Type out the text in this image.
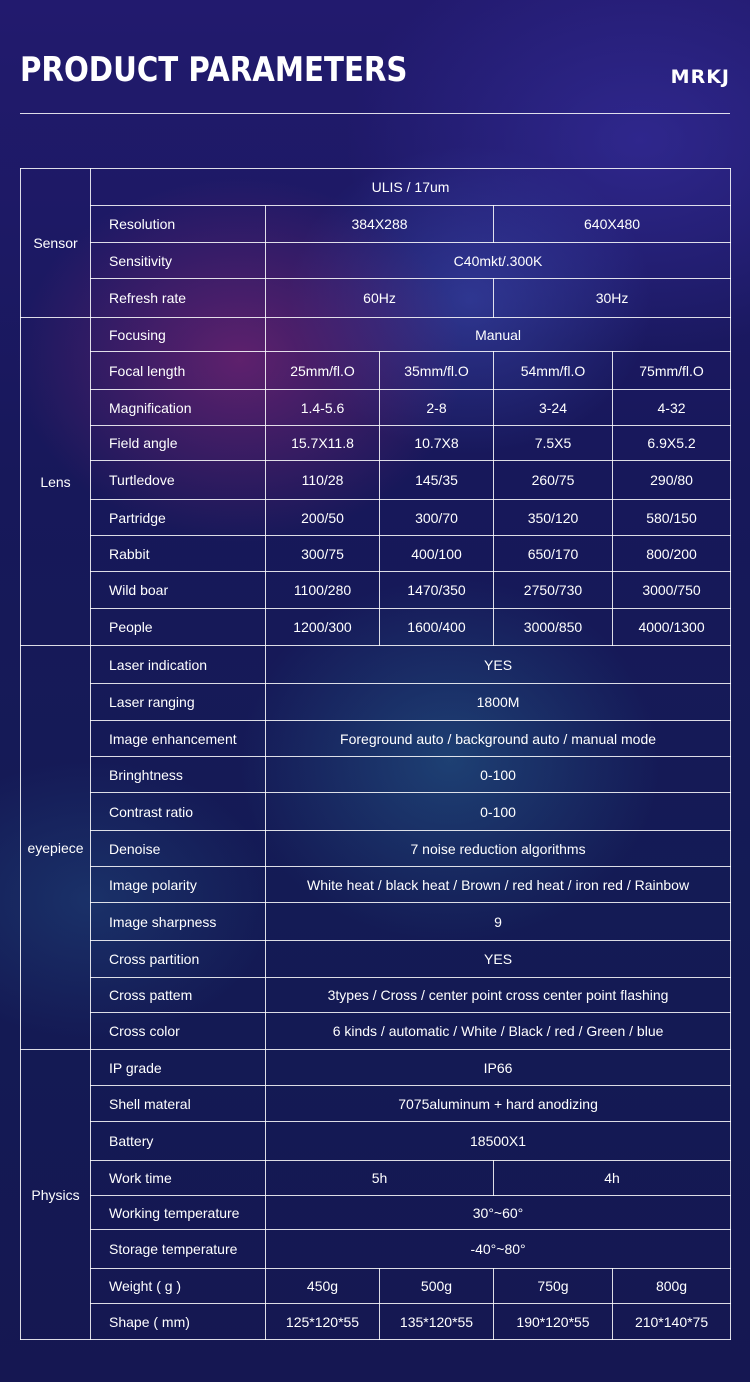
PRODUCT PARAMETERS	MRKJ
Sensor	ULIS / 17um				
	Resolution	384X288		640X480	
	Sensitivity	C40mkt/.300K			
	Refresh rate	60Hz		30Hz	
Lens	Focusing	Manual			
	Focal length	25mm/fl.O	35mm/fl.O	54mm/fl.O	75mm/fl.O
	Magnification	1.4-5.6	2-8	3-24	4-32
	Field angle	15.7X11.8	10.7X8	7.5X5	6.9X5.2
	Turtledove	110/28	145/35	260/75	290/80
	Partridge	200/50	300/70	350/120	580/150
	Rabbit	300/75	400/100	650/170	800/200
	Wild boar	1100/280	1470/350	2750/730	3000/750
	People	1200/300	1600/400	3000/850	4000/1300
eyepiece	Laser indication	YES			
	Laser ranging	1800M			
	Image enhancement	Foreground auto / background auto / manual mode			
	Bringhtness	0-100			
	Contrast ratio	0-100			
	Denoise	7 noise reduction algorithms			
	Image polarity	White heat / black heat / Brown / red heat / iron red / Rainbow			
	Image sharpness	9			
	Cross partition	YES			
	Cross pattem	3types / Cross / center point cross center point flashing			
	Cross color	6 kinds / automatic / White / Black / red / Green / blue			
Physics	IP grade	IP66			
	Shell materal	7075aluminum + hard anodizing			
	Battery	18500X1			
	Work time	5h		4h	
	Working temperature	30°~60°			
	Storage temperature	-40°~80°			
	Weight ( g )	450g	500g	750g	800g
	Shape ( mm)	125*120*55	135*120*55	190*120*55	210*140*75
